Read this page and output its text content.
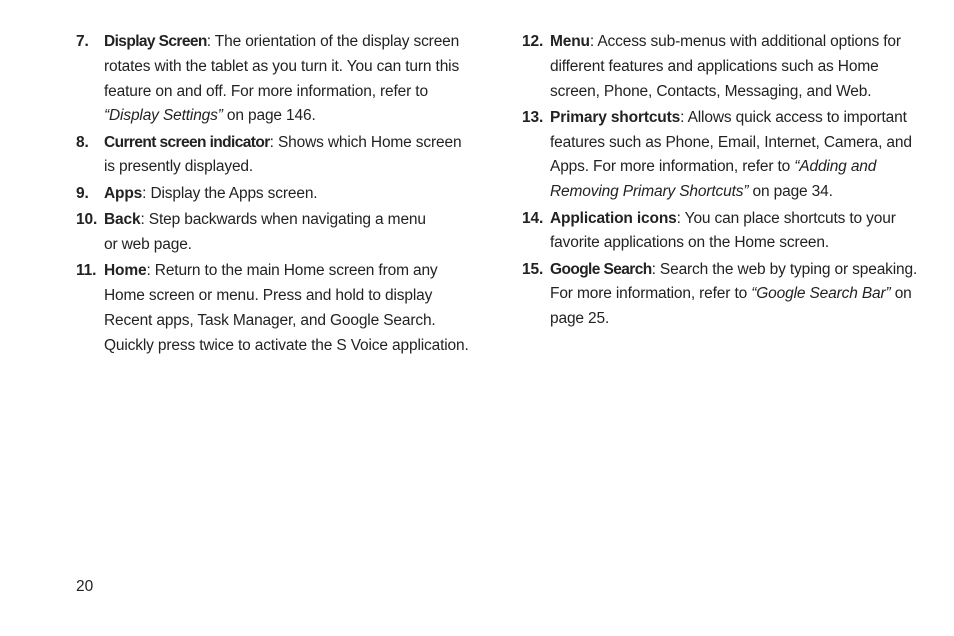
7. Display Screen: The orientation of the display screen rotates with the tablet as you turn it. You can turn this feature on and off. For more information, refer to “Display Settings” on page 146.
8. Current screen indicator: Shows which Home screen is presently displayed.
9. Apps: Display the Apps screen.
10. Back: Step backwards when navigating a menu
or web page.
11. Home: Return to the main Home screen from any Home screen or menu. Press and hold to display Recent apps, Task Manager, and Google Search. Quickly press twice to activate the S Voice application.
12. Menu: Access sub-menus with additional options for different features and applications such as Home screen, Phone, Contacts, Messaging, and Web.
13. Primary shortcuts: Allows quick access to important features such as Phone, Email, Internet, Camera, and Apps. For more information, refer to “Adding and Removing Primary Shortcuts” on page 34.
14. Application icons: You can place shortcuts to your favorite applications on the Home screen.
15. Google Search: Search the web by typing or speaking. For more information, refer to “Google Search Bar” on page 25.
20
